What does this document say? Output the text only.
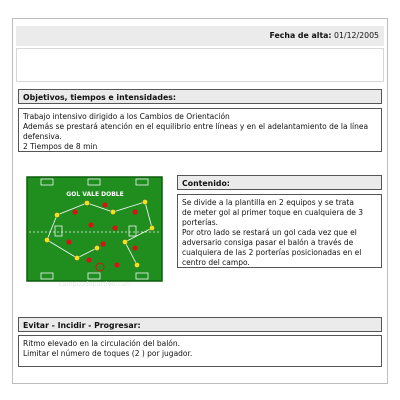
Fecha de alta: 01/12/2005
Objetivos, tiempos e intensidades:
Trabajo intensivo dirigido a los Cambios de Orientación
Además se prestará atención en el equilibrio entre líneas y en el adelantamiento de la línea
defensiva.
2 Tiempos de 8 min
GOL VALE DOBLE
campusdeportivo.com
Contenido:
Se divide a la plantilla en 2 equipos y se trata
de meter gol al primer toque en cualquiera de 3
porterías.
Por otro lado se restará un gol cada vez que el
adversario consiga pasar el balón a través de
cualquiera de las 2 porterías posicionadas en el
centro del campo.
Evitar - Incidir - Progresar:
Ritmo elevado en la circulación del balón.
Limitar el número de toques (2 ) por jugador.
